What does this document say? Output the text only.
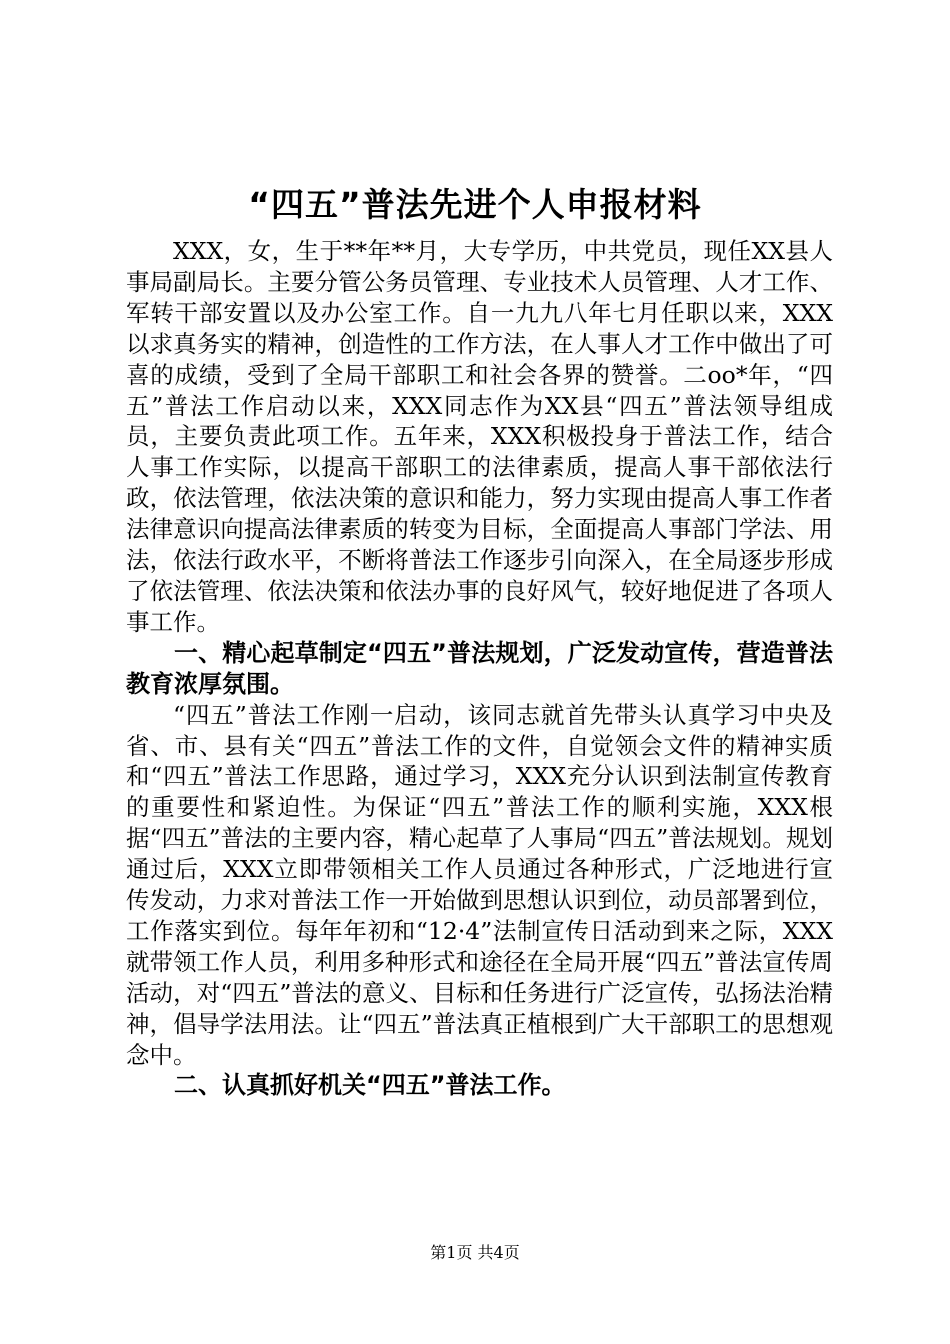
“四五”普法先进个人申报材料

XXX，女，生于**年**月，大专学历，中共党员，现任XX县人事局副局长。主要分管公务员管理、专业技术人员管理、人才工作、军转干部安置以及办公室工作。自一九九八年七月任职以来，XXX以求真务实的精神，创造性的工作方法，在人事人才工作中做出了可喜的成绩，受到了全局干部职工和社会各界的赞誉。二oo*年，“四五”普法工作启动以来，XXX同志作为XX县“四五”普法领导组成员，主要负责此项工作。五年来，XXX积极投身于普法工作，结合人事工作实际，以提高干部职工的法律素质，提高人事干部依法行政，依法管理，依法决策的意识和能力，努力实现由提高人事工作者法律意识向提高法律素质的转变为目标，全面提高人事部门学法、用法，依法行政水平，不断将普法工作逐步引向深入，在全局逐步形成了依法管理、依法决策和依法办事的良好风气，较好地促进了各项人事工作。

一、精心起草制定“四五”普法规划，广泛发动宣传，营造普法教育浓厚氛围。

“四五”普法工作刚一启动，该同志就首先带头认真学习中央及省、市、县有关“四五”普法工作的文件，自觉领会文件的精神实质和“四五”普法工作思路，通过学习，XXX充分认识到法制宣传教育的重要性和紧迫性。为保证“四五”普法工作的顺利实施，XXX根据“四五”普法的主要内容，精心起草了人事局“四五”普法规划。规划通过后，XXX立即带领相关工作人员通过各种形式，广泛地进行宣传发动，力求对普法工作一开始做到思想认识到位，动员部署到位，工作落实到位。每年年初和“12·4”法制宣传日活动到来之际，XXX就带领工作人员，利用多种形式和途径在全局开展“四五”普法宣传周活动，对“四五”普法的意义、目标和任务进行广泛宣传，弘扬法治精神，倡导学法用法。让“四五”普法真正植根到广大干部职工的思想观念中。

二、认真抓好机关“四五”普法工作。

第1页 共4页
